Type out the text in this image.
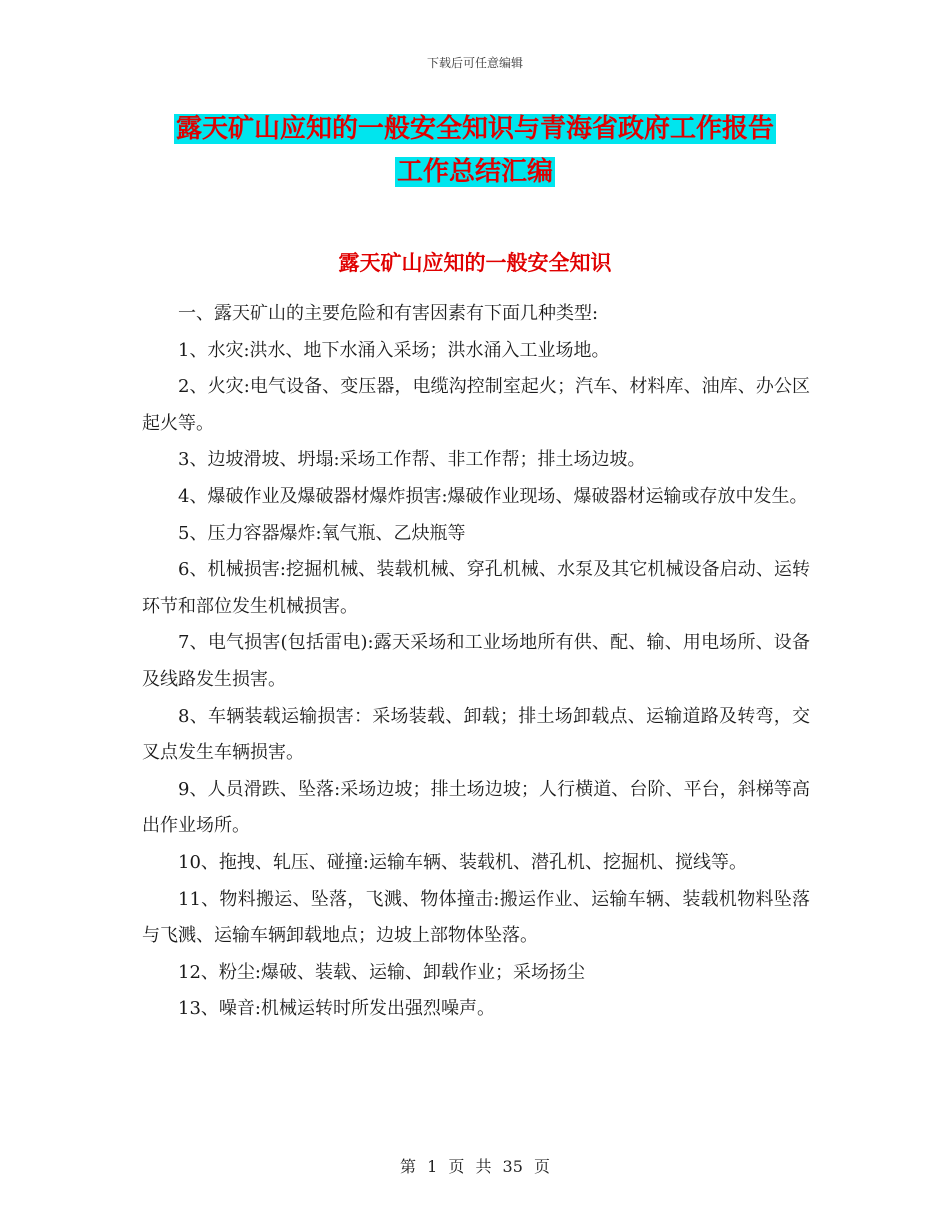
下载后可任意编辑
露天矿山应知的一般安全知识与青海省政府工作报告
工作总结汇编
露天矿山应知的一般安全知识

一、露天矿山的主要危险和有害因素有下面几种类型:

1、水灾:洪水、地下水涌入采场；洪水涌入工业场地。

2、火灾:电气设备、变压器，电缆沟控制室起火；汽车、材料库、油库、办公区起火等。

3、边坡滑坡、坍塌:采场工作帮、非工作帮；排土场边坡。

4、爆破作业及爆破器材爆炸损害:爆破作业现场、爆破器材运输或存放中发生。

5、压力容器爆炸:氧气瓶、乙炔瓶等

6、机械损害:挖掘机械、装载机械、穿孔机械、水泵及其它机械设备启动、运转环节和部位发生机械损害。

7、电气损害(包括雷电):露天采场和工业场地所有供、配、输、用电场所、设备及线路发生损害。

8、车辆装载运输损害：采场装载、卸载；排土场卸载点、运输道路及转弯，交叉点发生车辆损害。

9、人员滑跌、坠落:采场边坡；排土场边坡；人行横道、台阶、平台，斜梯等高出作业场所。

10、拖拽、轧压、碰撞:运输车辆、装载机、潜孔机、挖掘机、搅线等。

11、物料搬运、坠落，飞溅、物体撞击:搬运作业、运输车辆、装载机物料坠落与飞溅、运输车辆卸载地点；边坡上部物体坠落。

12、粉尘:爆破、装载、运输、卸载作业；采场扬尘

13、噪音:机械运转时所发出强烈噪声。

第 1 页 共 35 页
